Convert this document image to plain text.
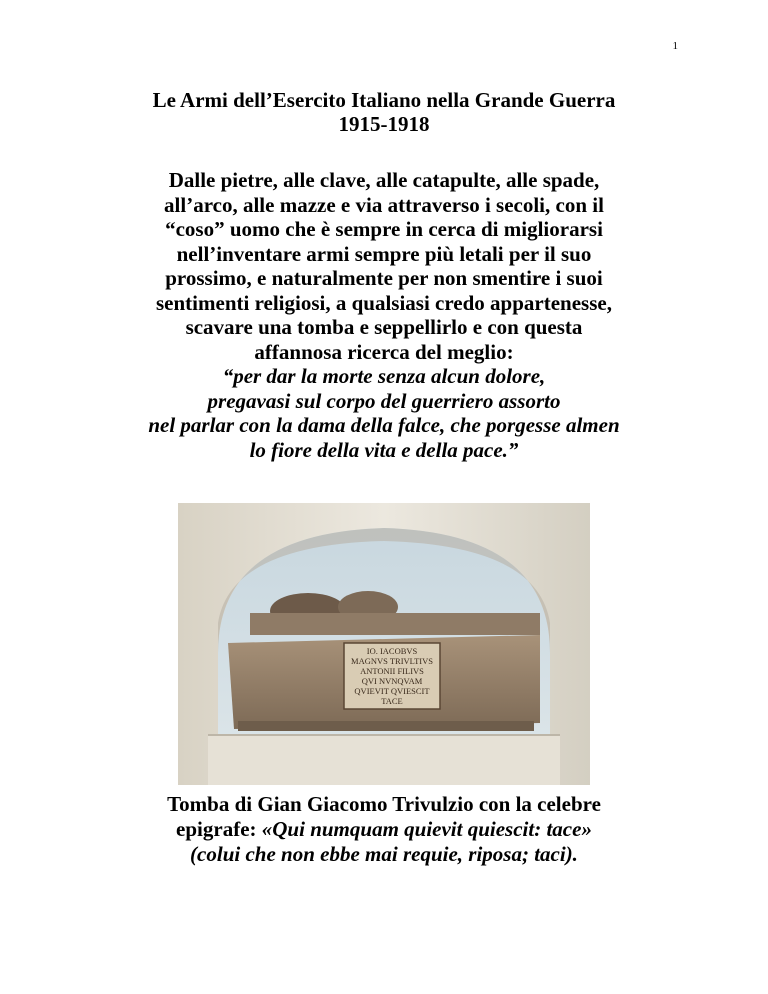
1
Le Armi dell’Esercito Italiano nella Grande Guerra
1915-1918
Dalle pietre, alle clave, alle catapulte, alle spade,
all’arco, alle mazze e via attraverso i secoli, con il
“coso” uomo che è sempre in cerca di migliorarsi
nell’inventare armi sempre più letali per il suo
prossimo, e naturalmente per non smentire i suoi
sentimenti religiosi, a qualsiasi credo appartenesse,
scavare una tomba e seppellirlo e con questa
affannosa ricerca del meglio:
“per dar la morte senza alcun dolore,
pregavasi sul corpo del guerriero assorto
nel parlar con la dama della falce, che porgesse almen
lo fiore della vita e della pace.”
IO. IACOBVS
MAGNVS TRIVLTIVS
ANTONII FILIVS
QVI NVNQVAM
QVIEVIT QVIESCIT
TACE
Tomba di Gian Giacomo Trivulzio con la celebre
epigrafe: «Qui numquam quievit quiescit: tace»
(colui che non ebbe mai requie, riposa; taci).
